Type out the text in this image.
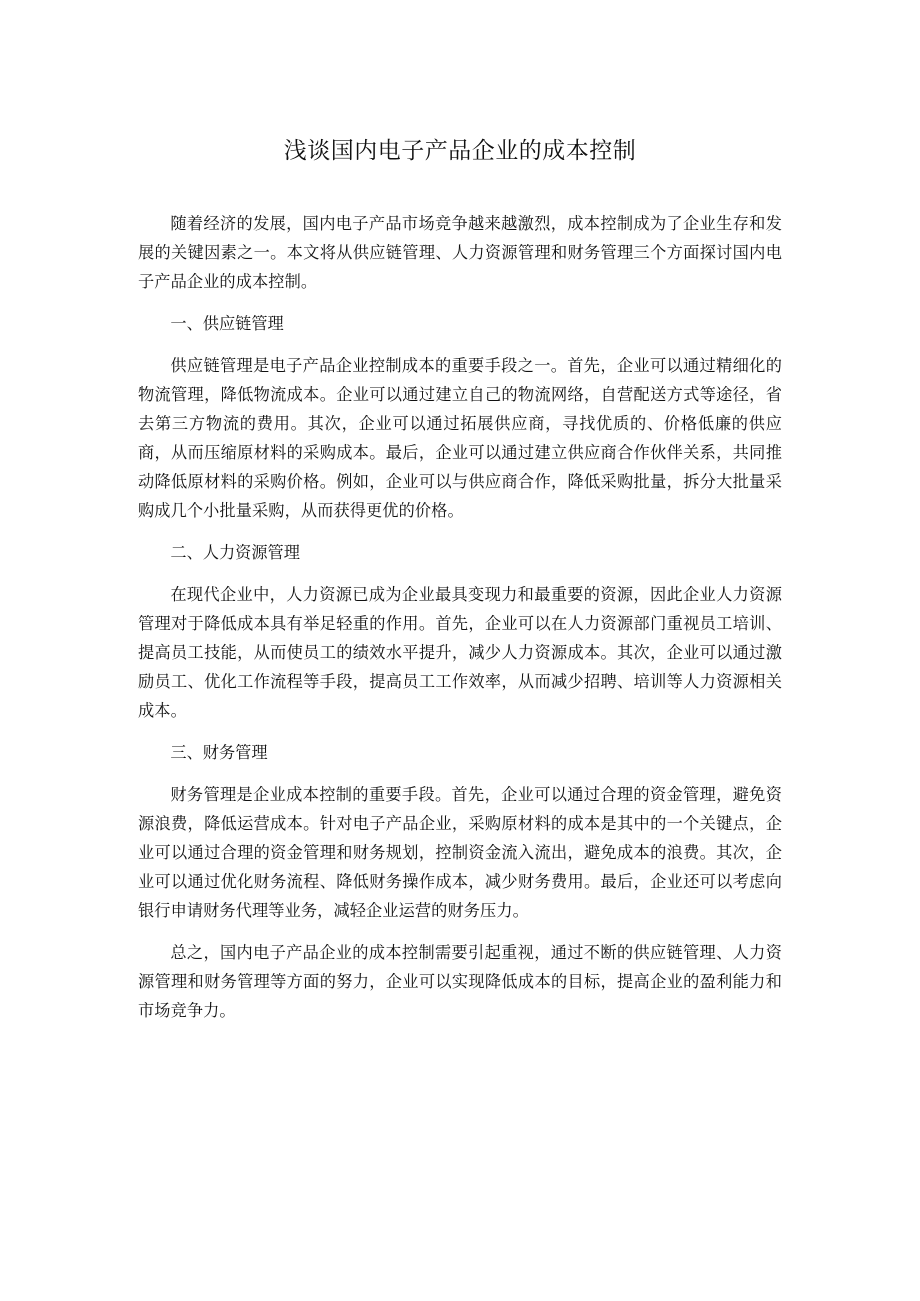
浅谈国内电子产品企业的成本控制

随着经济的发展，国内电子产品市场竞争越来越激烈，成本控制成为了企业生存和发展的关键因素之一。本文将从供应链管理、人力资源管理和财务管理三个方面探讨国内电子产品企业的成本控制。

一、供应链管理

供应链管理是电子产品企业控制成本的重要手段之一。首先，企业可以通过精细化的物流管理，降低物流成本。企业可以通过建立自己的物流网络，自营配送方式等途径，省去第三方物流的费用。其次，企业可以通过拓展供应商，寻找优质的、价格低廉的供应商，从而压缩原材料的采购成本。最后，企业可以通过建立供应商合作伙伴关系，共同推动降低原材料的采购价格。例如，企业可以与供应商合作，降低采购批量，拆分大批量采购成几个小批量采购，从而获得更优的价格。

二、人力资源管理

在现代企业中，人力资源已成为企业最具变现力和最重要的资源，因此企业人力资源管理对于降低成本具有举足轻重的作用。首先，企业可以在人力资源部门重视员工培训、提高员工技能，从而使员工的绩效水平提升，减少人力资源成本。其次，企业可以通过激励员工、优化工作流程等手段，提高员工工作效率，从而减少招聘、培训等人力资源相关成本。

三、财务管理

财务管理是企业成本控制的重要手段。首先，企业可以通过合理的资金管理，避免资源浪费，降低运营成本。针对电子产品企业，采购原材料的成本是其中的一个关键点，企业可以通过合理的资金管理和财务规划，控制资金流入流出，避免成本的浪费。其次，企业可以通过优化财务流程、降低财务操作成本，减少财务费用。最后，企业还可以考虑向银行申请财务代理等业务，减轻企业运营的财务压力。

总之，国内电子产品企业的成本控制需要引起重视，通过不断的供应链管理、人力资源管理和财务管理等方面的努力，企业可以实现降低成本的目标，提高企业的盈利能力和市场竞争力。
